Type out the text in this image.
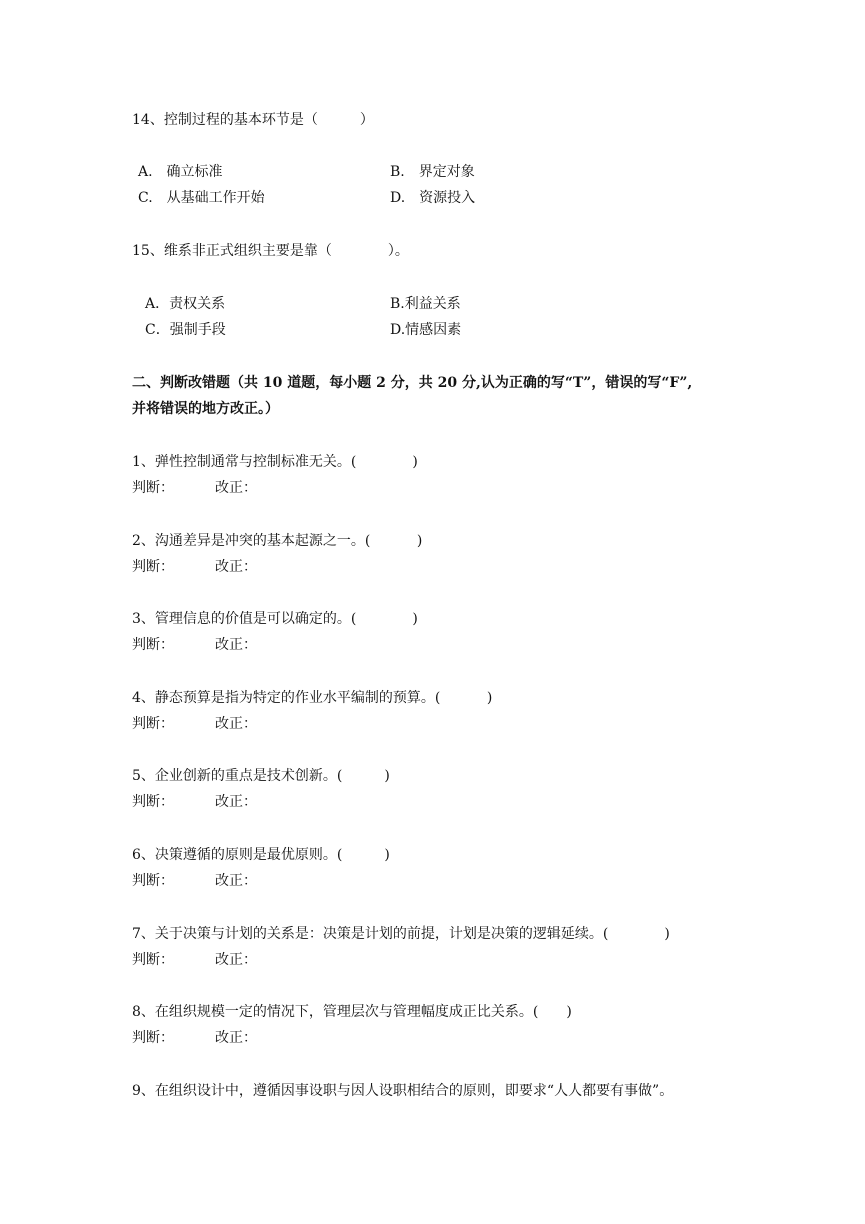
14、控制过程的基本环节是（　　　）
A.　确立标准	B.　界定对象
C.　从基础工作开始	D.　资源投入
15、维系非正式组织主要是靠（　　　　）。
A．责权关系	B.利益关系
C．强制手段	D.情感因素
二、判断改错题（共 10 道题，每小题 2 分，共 20 分,认为正确的写“T”，错误的写“F”,
并将错误的地方改正。）
1、弹性控制通常与控制标准无关。(　　　　)
判断：	改正：
2、沟通差异是冲突的基本起源之一。(　　　 )
判断：	改正：
3、管理信息的价值是可以确定的。(　　　　)
判断：	改正：
4、静态预算是指为特定的作业水平编制的预算。(　　　 )
判断：	改正：
5、企业创新的重点是技术创新。(　　　)
判断：	改正：
6、决策遵循的原则是最优原则。(　　　)
判断：	改正：
7、关于决策与计划的关系是：决策是计划的前提，计划是决策的逻辑延续。(　　　　)
判断：	改正：
8、在组织规模一定的情况下，管理层次与管理幅度成正比关系。(　　)
判断：	改正：
9、在组织设计中，遵循因事设职与因人设职相结合的原则，即要求“人人都要有事做”。
